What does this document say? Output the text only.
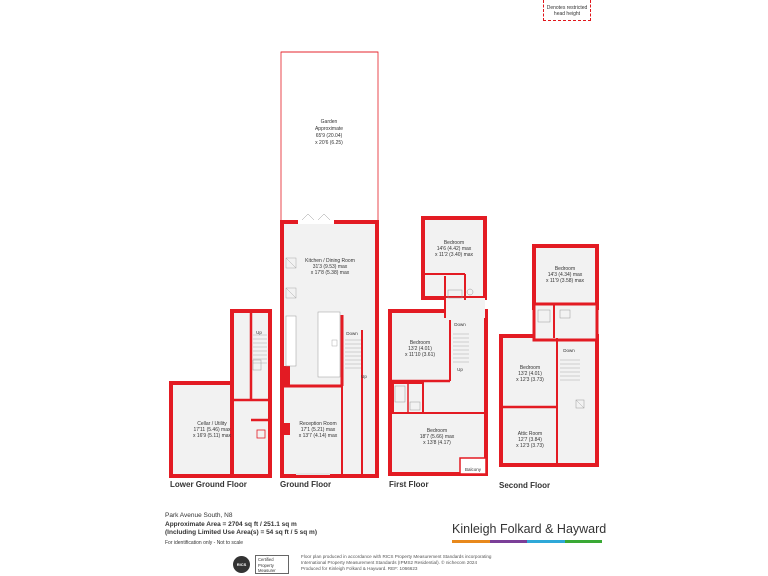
Garden
Approximate
65'9 (20.04)
x 20'6 (6.25)
Up
Cellar / Utility
17'11 (5.46) max
x 16'9 (5.11) max
Down
Up
Kitchen / Dining Room
31'3 (9.53) max
x 17'8 (5.38) max
Reception Room
17'1 (5.21) max
x 13'7 (4.14) max
Balcony
Down
Up
Bedroom
14'6 (4.42) max
x 11'2 (3.40) max
Bedroom
13'2 (4.01)
x 11'10 (3.61)
Bedroom
18'7 (5.66) max
x 13'8 (4.17)
Down
Bedroom
14'3 (4.34) max
x 11'9 (3.58) max
Bedroom
13'2 (4.01)
x 12'3 (3.73)
Attic Room
12'7 (3.84)
x 12'3 (3.73)
Denotes restricted head height
Lower Ground Floor	Ground Floor	First Floor	Second Floor
Park Avenue South, N8
Approximate Area = 2704 sq ft / 251.1 sq m
(Including Limited Use Area(s) = 54 sq ft / 5 sq m)
For identification only - Not to scale
Kinleigh Folkard & Hayward
RICS
Certified
Property
Measurer
Floor plan produced in accordance with RICS Property Measurement Standards incorporating
International Property Measurement Standards (IPMS2 Residential). © nichecom 2024
Produced for Kinleigh Folkard & Hayward. REF: 1066623
